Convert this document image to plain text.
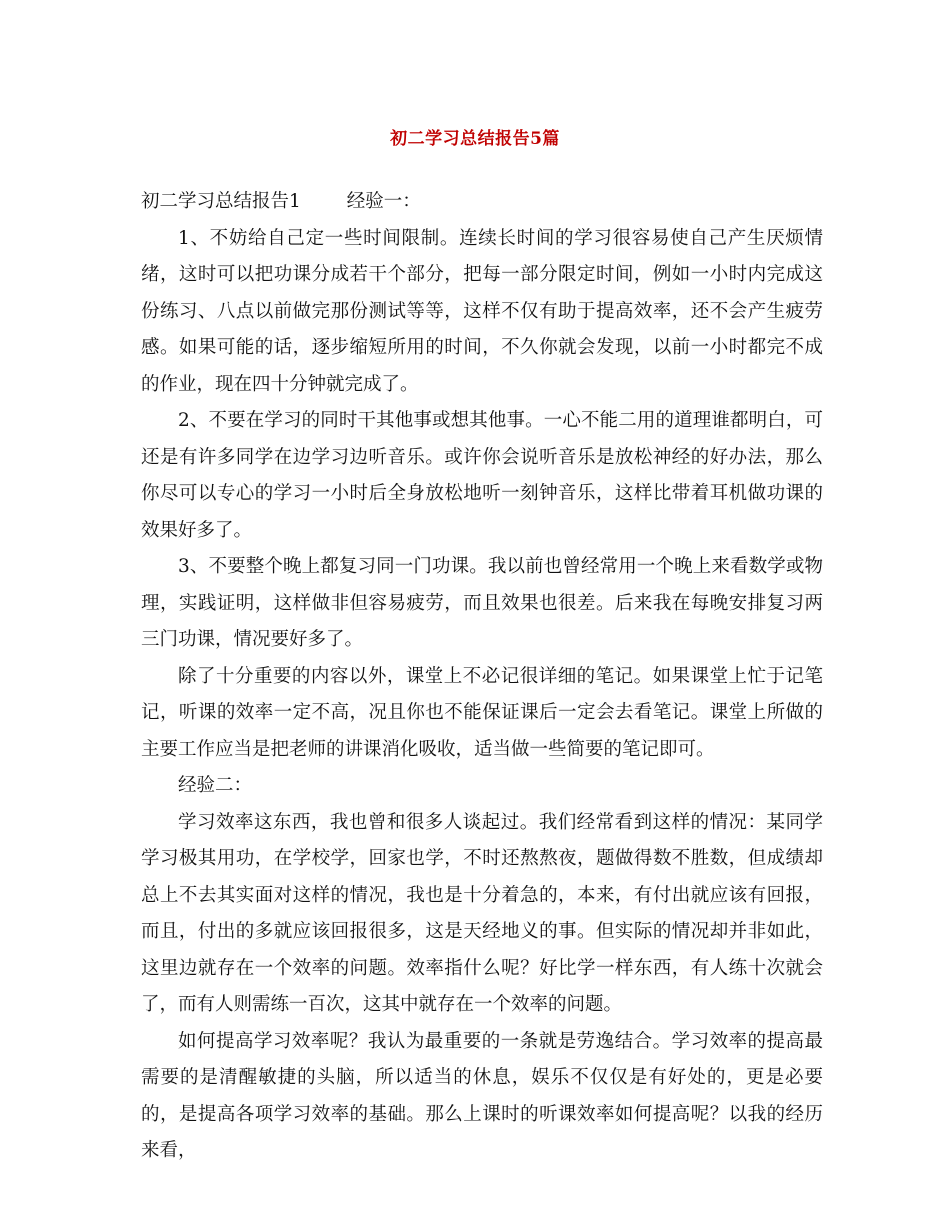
初二学习总结报告5篇

初二学习总结报告1 经验一：

1、不妨给自己定一些时间限制。连续长时间的学习很容易使自己产生厌烦情绪，这时可以把功课分成若干个部分，把每一部分限定时间，例如一小时内完成这份练习、八点以前做完那份测试等等，这样不仅有助于提高效率，还不会产生疲劳感。如果可能的话，逐步缩短所用的时间，不久你就会发现，以前一小时都完不成的作业，现在四十分钟就完成了。

2、不要在学习的同时干其他事或想其他事。一心不能二用的道理谁都明白，可还是有许多同学在边学习边听音乐。或许你会说听音乐是放松神经的好办法，那么你尽可以专心的学习一小时后全身放松地听一刻钟音乐，这样比带着耳机做功课的效果好多了。

3、不要整个晚上都复习同一门功课。我以前也曾经常用一个晚上来看数学或物理，实践证明，这样做非但容易疲劳，而且效果也很差。后来我在每晚安排复习两三门功课，情况要好多了。

除了十分重要的内容以外，课堂上不必记很详细的笔记。如果课堂上忙于记笔记，听课的效率一定不高，况且你也不能保证课后一定会去看笔记。课堂上所做的主要工作应当是把老师的讲课消化吸收，适当做一些简要的笔记即可。

经验二：

学习效率这东西，我也曾和很多人谈起过。我们经常看到这样的情况：某同学学习极其用功，在学校学，回家也学，不时还熬熬夜，题做得数不胜数，但成绩却总上不去其实面对这样的情况，我也是十分着急的，本来，有付出就应该有回报，而且，付出的多就应该回报很多，这是天经地义的事。但实际的情况却并非如此，这里边就存在一个效率的问题。效率指什么呢？好比学一样东西，有人练十次就会了，而有人则需练一百次，这其中就存在一个效率的问题。

如何提高学习效率呢？我认为最重要的一条就是劳逸结合。学习效率的提高最需要的是清醒敏捷的头脑，所以适当的休息，娱乐不仅仅是有好处的，更是必要的，是提高各项学习效率的基础。那么上课时的听课效率如何提高呢？以我的经历来看，
